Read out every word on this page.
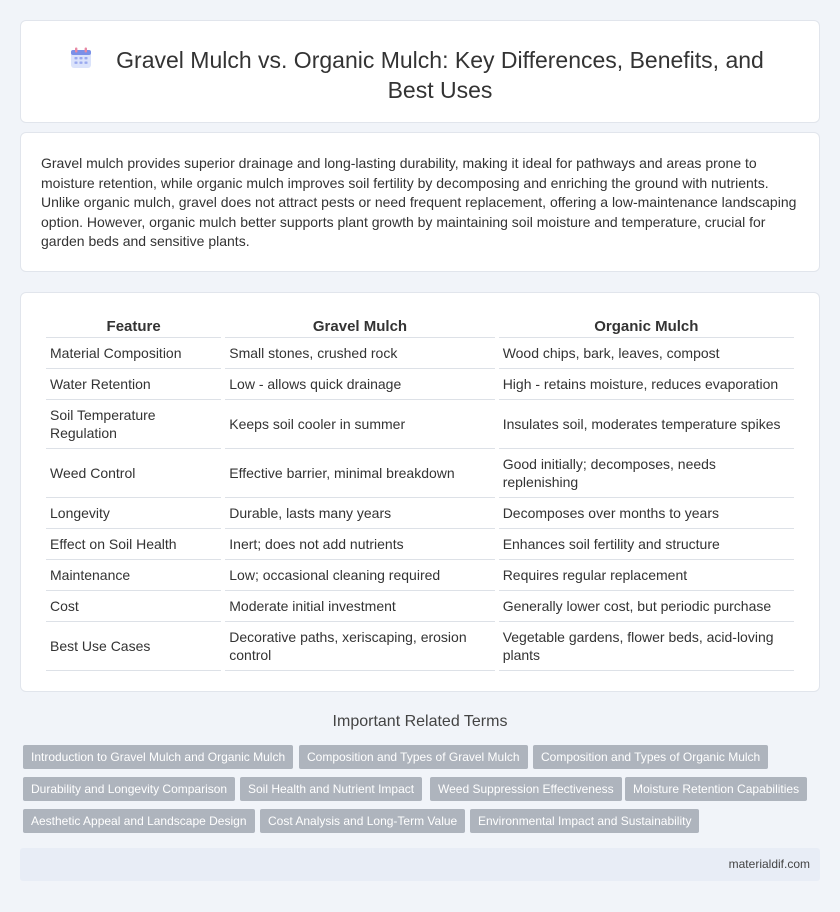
Gravel Mulch vs. Organic Mulch: Key Differences, Benefits, and Best Uses

Gravel mulch provides superior drainage and long-lasting durability, making it ideal for pathways and areas prone to moisture retention, while organic mulch improves soil fertility by decomposing and enriching the ground with nutrients. Unlike organic mulch, gravel does not attract pests or need frequent replacement, offering a low-maintenance landscaping option. However, organic mulch better supports plant growth by maintaining soil moisture and temperature, crucial for garden beds and sensitive plants.

Feature	Gravel Mulch	Organic Mulch
Material Composition	Small stones, crushed rock	Wood chips, bark, leaves, compost
Water Retention	Low - allows quick drainage	High - retains moisture, reduces evaporation
Soil Temperature Regulation	Keeps soil cooler in summer	Insulates soil, moderates temperature spikes
Weed Control	Effective barrier, minimal breakdown	Good initially; decomposes, needs replenishing
Longevity	Durable, lasts many years	Decomposes over months to years
Effect on Soil Health	Inert; does not add nutrients	Enhances soil fertility and structure
Maintenance	Low; occasional cleaning required	Requires regular replacement
Cost	Moderate initial investment	Generally lower cost, but periodic purchase
Best Use Cases	Decorative paths, xeriscaping, erosion control	Vegetable gardens, flower beds, acid-loving plants
Important Related Terms
Introduction to Gravel Mulch and Organic Mulch	Composition and Types of Gravel Mulch	Composition and Types of Organic Mulch
Durability and Longevity Comparison	Soil Health and Nutrient Impact	Weed Suppression Effectiveness	Moisture Retention Capabilities
Aesthetic Appeal and Landscape Design	Cost Analysis and Long-Term Value	Environmental Impact and Sustainability
materialdif.com
